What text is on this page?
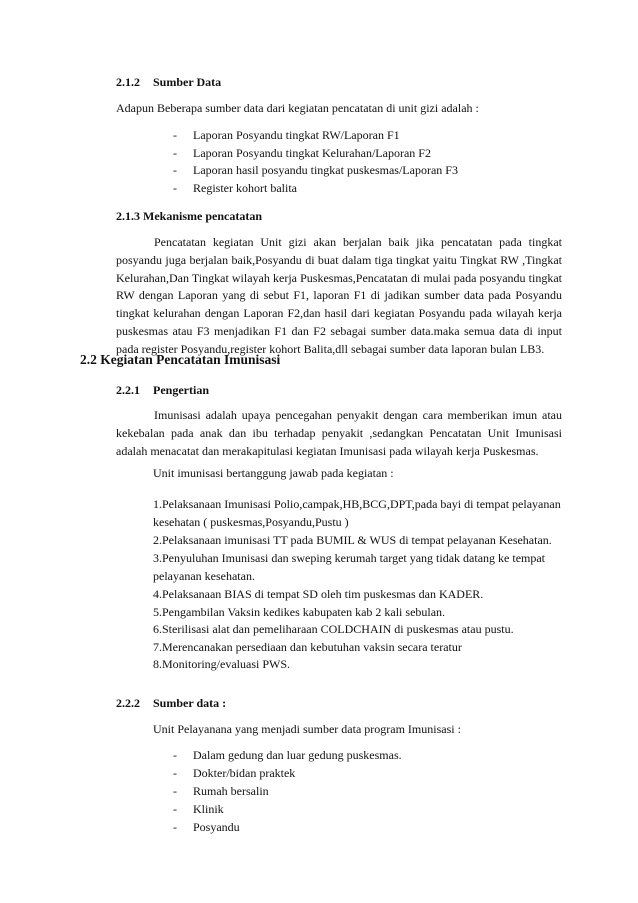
2.1.2 Sumber Data
Adapun Beberapa sumber data dari kegiatan pencatatan di unit gizi adalah :
- Laporan Posyandu tingkat RW/Laporan F1
- Laporan Posyandu tingkat Kelurahan/Laporan F2
- Laporan hasil posyandu tingkat puskesmas/Laporan F3
- Register kohort balita
2.1.3 Mekanisme pencatatan

Pencatatan kegiatan Unit gizi akan berjalan baik jika pencatatan pada tingkat posyandu juga berjalan baik,Posyandu di buat dalam tiga tingkat yaitu Tingkat RW ,Tingkat Kelurahan,Dan Tingkat wilayah kerja Puskesmas,Pencatatan di mulai pada posyandu tingkat RW dengan Laporan yang di sebut F1, laporan F1 di jadikan sumber data pada Posyandu tingkat kelurahan dengan Laporan F2,dan hasil dari kegiatan Posyandu pada wilayah kerja puskesmas atau F3 menjadikan F1 dan F2 sebagai sumber data.maka semua data di input pada register Posyandu,register kohort Balita,dll sebagai sumber data laporan bulan LB3.

2.2 Kegiatan Pencatatan Imunisasi
2.2.1 Pengertian

Imunisasi adalah upaya pencegahan penyakit dengan cara memberikan imun atau kekebalan pada anak dan ibu terhadap penyakit ,sedangkan Pencatatan Unit Imunisasi adalah menacatat dan merakapitulasi kegiatan Imunisasi pada wilayah kerja Puskesmas.

Unit imunisasi bertanggung jawab pada kegiatan :
1.Pelaksanaan Imunisasi Polio,campak,HB,BCG,DPT,pada bayi di tempat pelayanan
kesehatan ( puskesmas,Posyandu,Pustu )
2.Pelaksanaan imunisasi TT pada BUMIL & WUS di tempat pelayanan Kesehatan.
3.Penyuluhan Imunisasi dan sweping kerumah target yang tidak datang ke tempat
pelayanan kesehatan.
4.Pelaksanaan BIAS di tempat SD oleh tim puskesmas dan KADER.
5.Pengambilan Vaksin kedikes kabupaten kab 2 kali sebulan.
6.Sterilisasi alat dan pemeliharaan COLDCHAIN di puskesmas atau pustu.
7.Merencanakan persediaan dan kebutuhan vaksin secara teratur
8.Monitoring/evaluasi PWS.
2.2.2 Sumber data :
Unit Pelayanana yang menjadi sumber data program Imunisasi :
- Dalam gedung dan luar gedung puskesmas.
- Dokter/bidan praktek
- Rumah bersalin
- Klinik
- Posyandu
